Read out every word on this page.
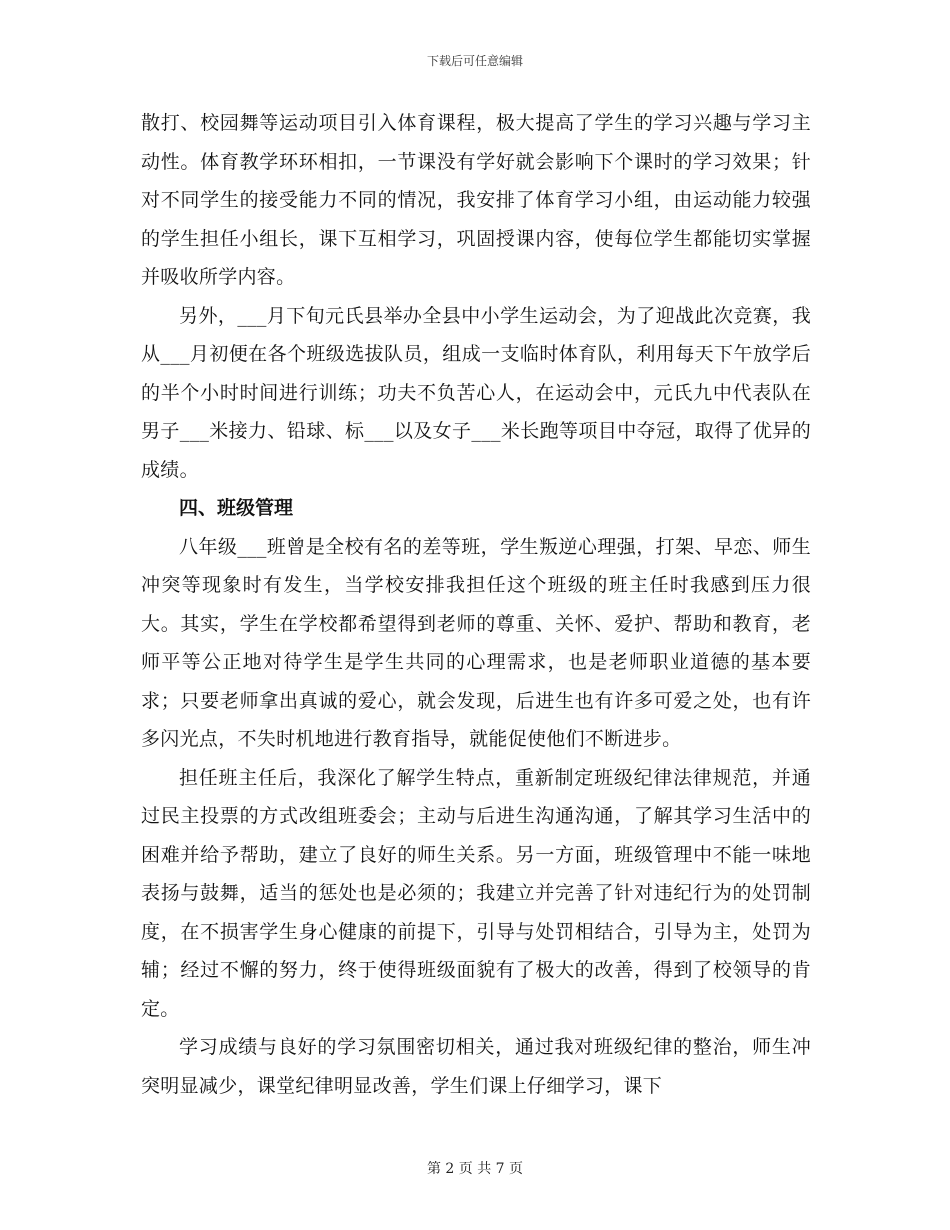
下载后可任意编辑

散打、校园舞等运动项目引入体育课程，极大提高了学生的学习兴趣与学习主动性。体育教学环环相扣，一节课没有学好就会影响下个课时的学习效果；针对不同学生的接受能力不同的情况，我安排了体育学习小组，由运动能力较强的学生担任小组长，课下互相学习，巩固授课内容，使每位学生都能切实掌握并吸收所学内容。

另外，___月下旬元氏县举办全县中小学生运动会，为了迎战此次竞赛，我从___月初便在各个班级选拔队员，组成一支临时体育队，利用每天下午放学后的半个小时时间进行训练；功夫不负苦心人，在运动会中，元氏九中代表队在男子___米接力、铅球、标___以及女子___米长跑等项目中夺冠，取得了优异的成绩。

四、班级管理

八年级___班曾是全校有名的差等班，学生叛逆心理强，打架、早恋、师生冲突等现象时有发生，当学校安排我担任这个班级的班主任时我感到压力很大。其实，学生在学校都希望得到老师的尊重、关怀、爱护、帮助和教育，老师平等公正地对待学生是学生共同的心理需求，也是老师职业道德的基本要求；只要老师拿出真诚的爱心，就会发现，后进生也有许多可爱之处，也有许多闪光点，不失时机地进行教育指导，就能促使他们不断进步。

担任班主任后，我深化了解学生特点，重新制定班级纪律法律规范，并通过民主投票的方式改组班委会；主动与后进生沟通沟通，了解其学习生活中的困难并给予帮助，建立了良好的师生关系。另一方面，班级管理中不能一味地表扬与鼓舞，适当的惩处也是必须的；我建立并完善了针对违纪行为的处罚制度，在不损害学生身心健康的前提下，引导与处罚相结合，引导为主，处罚为辅；经过不懈的努力，终于使得班级面貌有了极大的改善，得到了校领导的肯定。

学习成绩与良好的学习氛围密切相关，通过我对班级纪律的整治，师生冲突明显减少，课堂纪律明显改善，学生们课上仔细学习，课下

第 2 页 共 7 页
